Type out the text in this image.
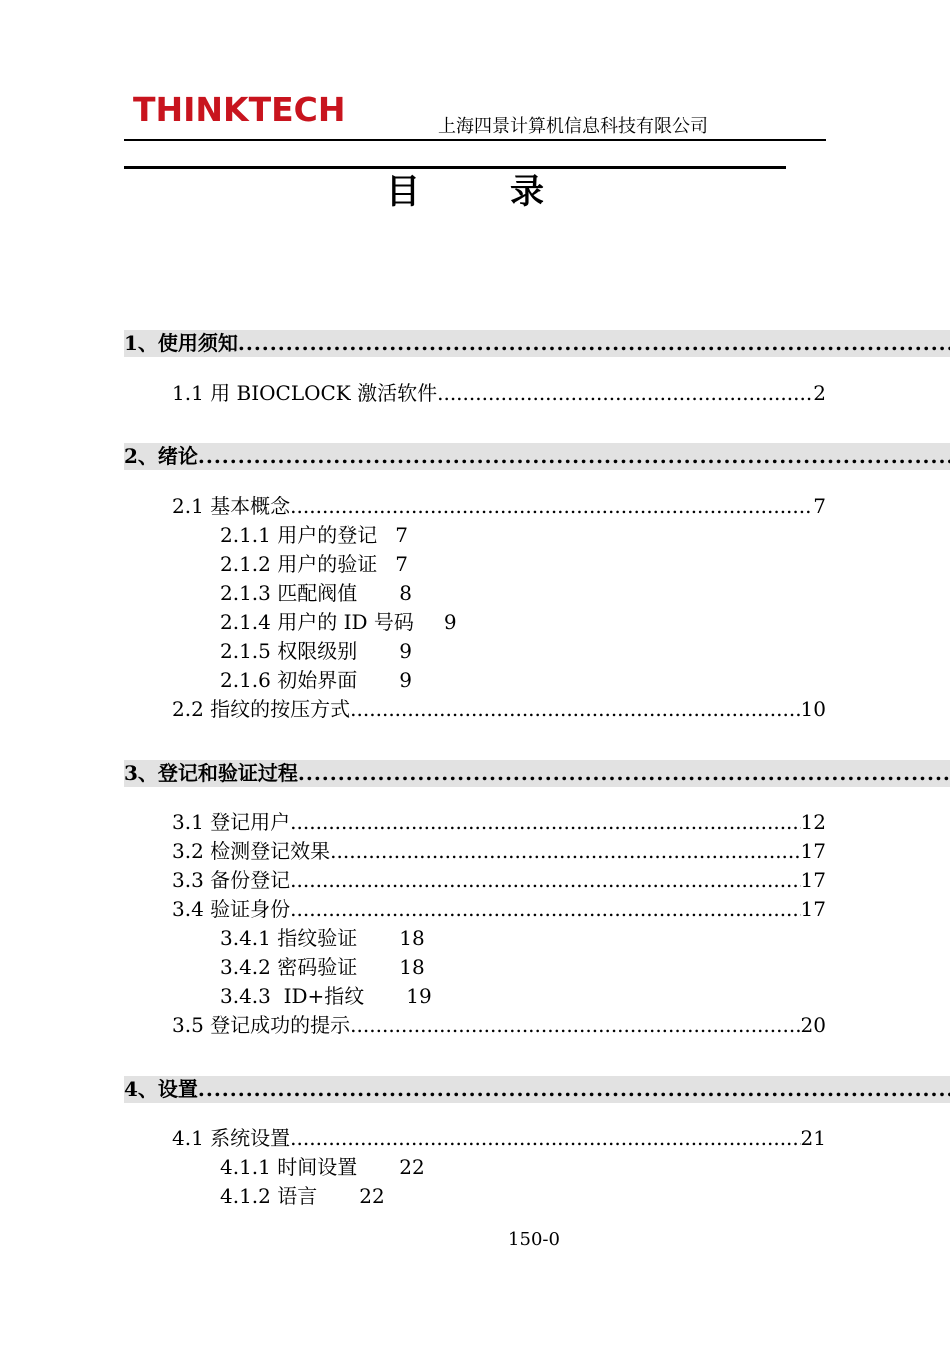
THINKTECH	上海四景计算机信息科技有限公司
目　录
1、使用须知.....
1.1 用 BIOCLOCK 激活软件 .....	2
2、绪论.....
2.1 基本概念 .....	7
2.1.1 用户的登记 7
2.1.2 用户的验证 7
2.1.3 匹配阀值 8
2.1.4 用户的 ID 号码 9
2.1.5 权限级别 9
2.1.6 初始界面 9
2.2 指纹的按压方式 .....	10
3、登记和验证过程.....
3.1 登记用户 .....	12
3.2 检测登记效果 .....	17
3.3 备份登记 .....	17
3.4 验证身份 .....	17
3.4.1 指纹验证 18
3.4.2 密码验证 18
3.4.3  ID+指纹 19
3.5 登记成功的提示 .....	20
4、设置.....
4.1 系统设置 .....	21
4.1.1 时间设置 22
4.1.2 语言 22
150-0
